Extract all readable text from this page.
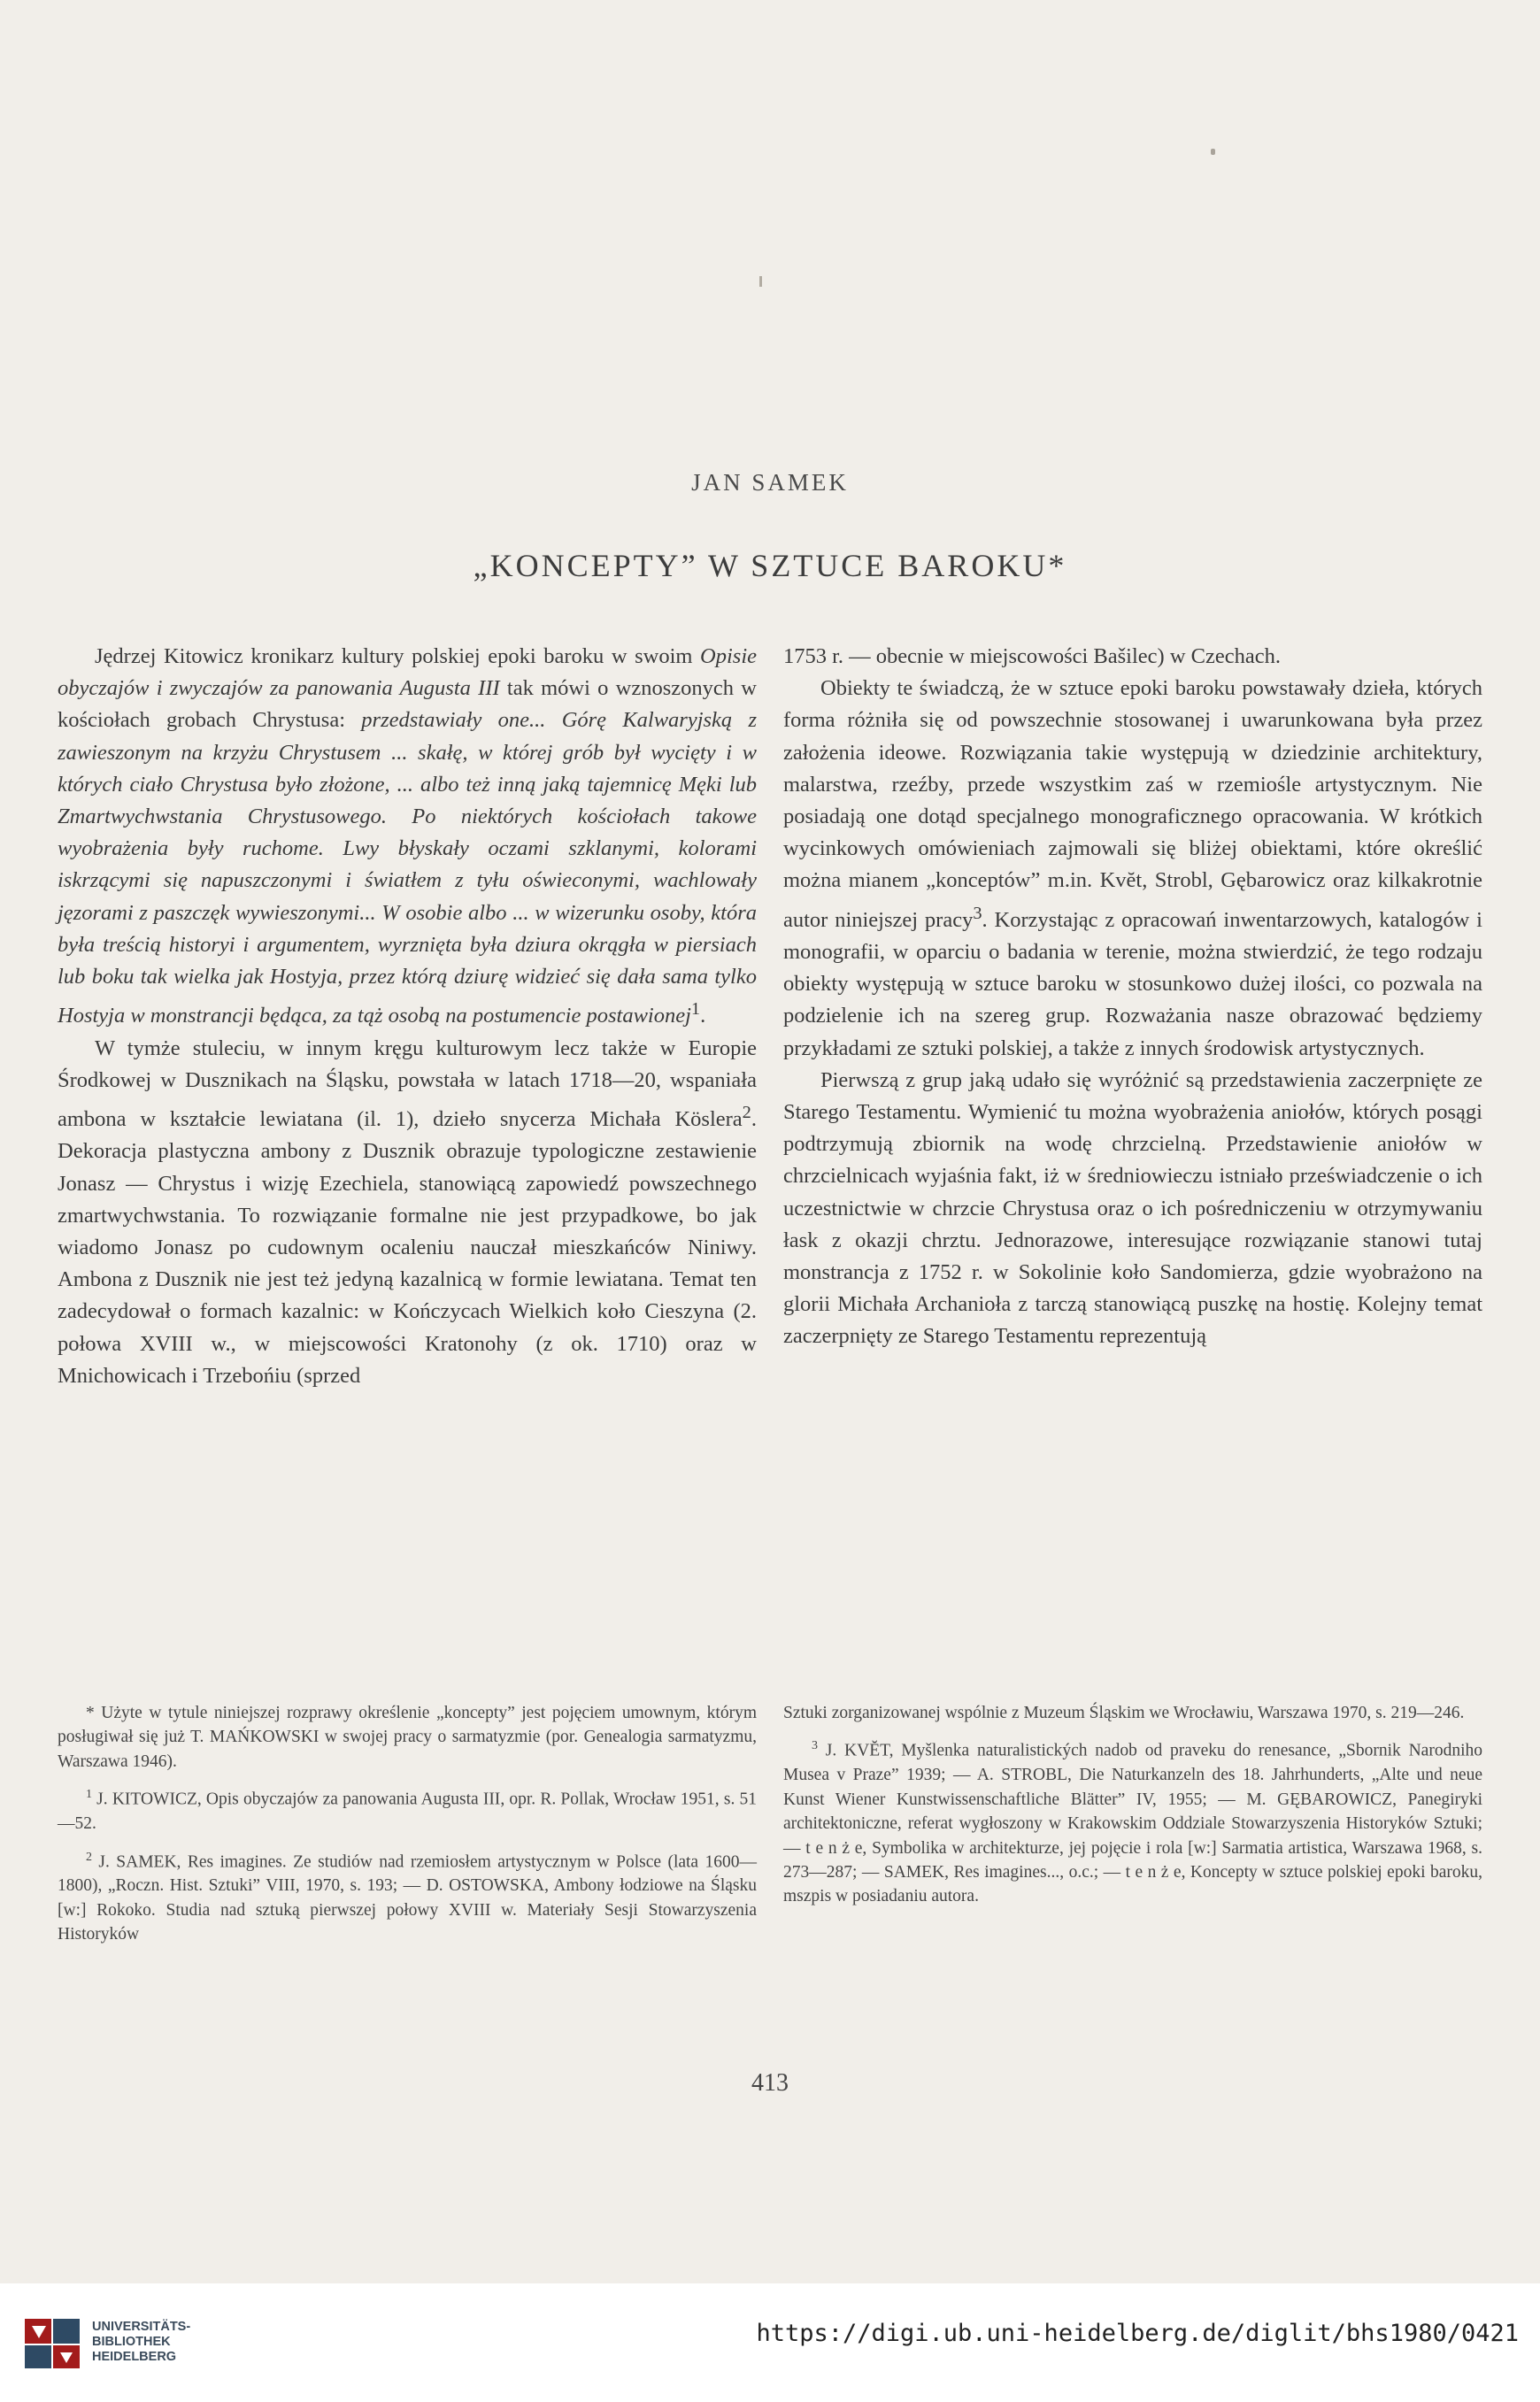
JAN SAMEK
„KONCEPTY” W SZTUCE BAROKU*

Jędrzej Kitowicz kronikarz kultury polskiej epoki baroku w swoim Opisie obyczajów i zwyczajów za panowania Augusta III tak mówi o wznoszonych w kościołach grobach Chrystusa: przedstawiały one... Górę Kalwaryjską z zawieszonym na krzyżu Chrystusem ... skałę, w której grób był wycięty i w których ciało Chrystusa było złożone, ... albo też inną jaką tajemnicę Męki lub Zmartwychwstania Chrystusowego. Po niektórych kościołach takowe wyobrażenia były ruchome. Lwy błyskały oczami szklanymi, kolorami iskrzącymi się napuszczonymi i światłem z tyłu oświeconymi, wachlowały jęzorami z paszczęk wywieszonymi... W osobie albo ... w wizerunku osoby, która była treścią historyi i argumentem, wyrznięta była dziura okrągła w piersiach lub boku tak wielka jak Hostyja, przez którą dziurę widzieć się dała sama tylko Hostyja w monstrancji będąca, za tąż osobą na postumencie postawionej$^1$.

W tymże stuleciu, w innym kręgu kulturowym lecz także w Europie Środkowej w Dusznikach na Śląsku, powstała w latach 1718—20, wspaniała ambona w kształcie lewiatana (il. 1), dzieło snycerza Michała Köslera$^2$. Dekoracja plastyczna ambony z Dusznik obrazuje typologiczne zestawienie Jonasz — Chrystus i wizję Ezechiela, stanowiącą zapowiedź powszechnego zmartwychwstania. To rozwiązanie formalne nie jest przypadkowe, bo jak wiadomo Jonasz po cudownym ocaleniu nauczał mieszkańców Niniwy. Ambona z Dusznik nie jest też jedyną kazalnicą w formie lewiatana. Temat ten zadecydował o formach kazalnic: w Kończycach Wielkich koło Cieszyna (2. połowa XVIII w., w miejscowości Kratonohy (z ok. 1710) oraz w Mnichowicach i Trzebońiu (sprzed

1753 r. — obecnie w miejscowości Bašilec) w Czechach.

Obiekty te świadczą, że w sztuce epoki baroku powstawały dzieła, których forma różniła się od powszechnie stosowanej i uwarunkowana była przez założenia ideowe. Rozwiązania takie występują w dziedzinie architektury, malarstwa, rzeźby, przede wszystkim zaś w rzemiośle artystycznym. Nie posiadają one dotąd specjalnego monograficznego opracowania. W krótkich wycinkowych omówieniach zajmowali się bliżej obiektami, które określić można mianem „konceptów” m.in. Kvĕt, Strobl, Gębarowicz oraz kilkakrotnie autor niniejszej pracy$^3$. Korzystając z opracowań inwentarzowych, katalogów i monografii, w oparciu o badania w terenie, można stwierdzić, że tego rodzaju obiekty występują w sztuce baroku w stosunkowo dużej ilości, co pozwala na podzielenie ich na szereg grup. Rozważania nasze obrazować będziemy przykładami ze sztuki polskiej, a także z innych środowisk artystycznych.

Pierwszą z grup jaką udało się wyróżnić są przedstawienia zaczerpnięte ze Starego Testamentu. Wymienić tu można wyobrażenia aniołów, których posągi podtrzymują zbiornik na wodę chrzcielną. Przedstawienie aniołów w chrzcielnicach wyjaśnia fakt, iż w średniowieczu istniało przeświadczenie o ich uczestnictwie w chrzcie Chrystusa oraz o ich pośredniczeniu w otrzymywaniu łask z okazji chrztu. Jednorazowe, interesujące rozwiązanie stanowi tutaj monstrancja z 1752 r. w Sokolinie koło Sandomierza, gdzie wyobrażono na glorii Michała Archanioła z tarczą stanowiącą puszkę na hostię. Kolejny temat zaczerpnięty ze Starego Testamentu reprezentują

* Użyte w tytule niniejszej rozprawy określenie „koncepty” jest pojęciem umownym, którym posługiwał się już T. MAŃKOWSKI w swojej pracy o sarmatyzmie (por. Genealogia sarmatyzmu, Warszawa 1946).

$^1$ J. KITOWICZ, Opis obyczajów za panowania Augusta III, opr. R. Pollak, Wrocław 1951, s. 51—52.

$^2$ J. SAMEK, Res imagines. Ze studiów nad rzemiosłem artystycznym w Polsce (lata 1600—1800), „Roczn. Hist. Sztuki” VIII, 1970, s. 193; — D. OSTOWSKA, Ambony łodziowe na Śląsku [w:] Rokoko. Studia nad sztuką pierwszej połowy XVIII w. Materiały Sesji Stowarzyszenia Historyków

Sztuki zorganizowanej wspólnie z Muzeum Śląskim we Wrocławiu, Warszawa 1970, s. 219—246.

$^3$ J. KVĔT, Myšlenka naturalistických nadob od praveku do renesance, „Sbornik Narodniho Musea v Praze” 1939; — A. STROBL, Die Naturkanzeln des 18. Jahrhunderts, „Alte und neue Kunst Wiener Kunstwissenschaftliche Blätter” IV, 1955; — M. GĘBAROWICZ, Panegiryki architektoniczne, referat wygłoszony w Krakowskim Oddziale Stowarzyszenia Historyków Sztuki; — t e n ż e, Symbolika w architekturze, jej pojęcie i rola [w:] Sarmatia artistica, Warszawa 1968, s. 273—287; — SAMEK, Res imagines..., o.c.; — t e n ż e, Koncepty w sztuce polskiej epoki baroku, mszpis w posiadaniu autora.

413
UNIVERSITÄTS-
BIBLIOTHEK
HEIDELBERG
https://digi.ub.uni-heidelberg.de/diglit/bhs1980/0421
